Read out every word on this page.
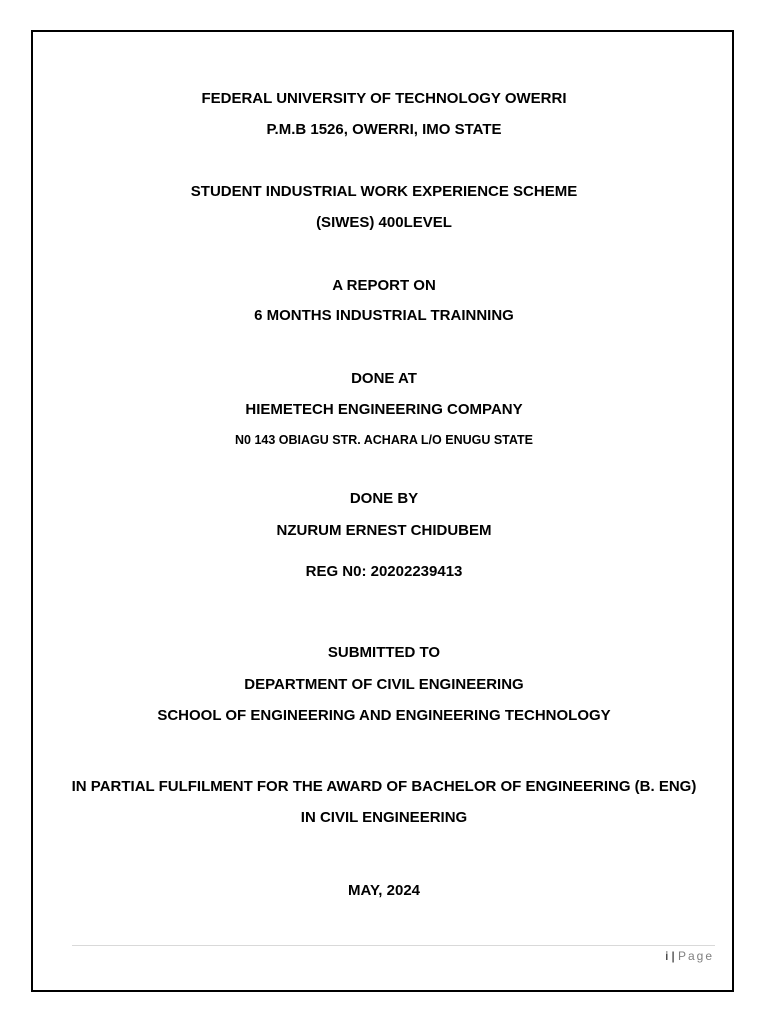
FEDERAL UNIVERSITY OF TECHNOLOGY OWERRI
P.M.B 1526, OWERRI, IMO STATE
STUDENT INDUSTRIAL WORK EXPERIENCE SCHEME
(SIWES) 400LEVEL
A REPORT ON
6 MONTHS INDUSTRIAL TRAINNING
DONE AT
HIEMETECH ENGINEERING COMPANY
N0 143 OBIAGU STR. ACHARA L/O ENUGU STATE
DONE BY
NZURUM ERNEST CHIDUBEM
REG N0: 20202239413
SUBMITTED TO
DEPARTMENT OF CIVIL ENGINEERING
SCHOOL OF ENGINEERING AND ENGINEERING TECHNOLOGY
IN PARTIAL FULFILMENT FOR THE AWARD OF BACHELOR OF ENGINEERING (B. ENG)
IN CIVIL ENGINEERING
MAY, 2024
i | Page
